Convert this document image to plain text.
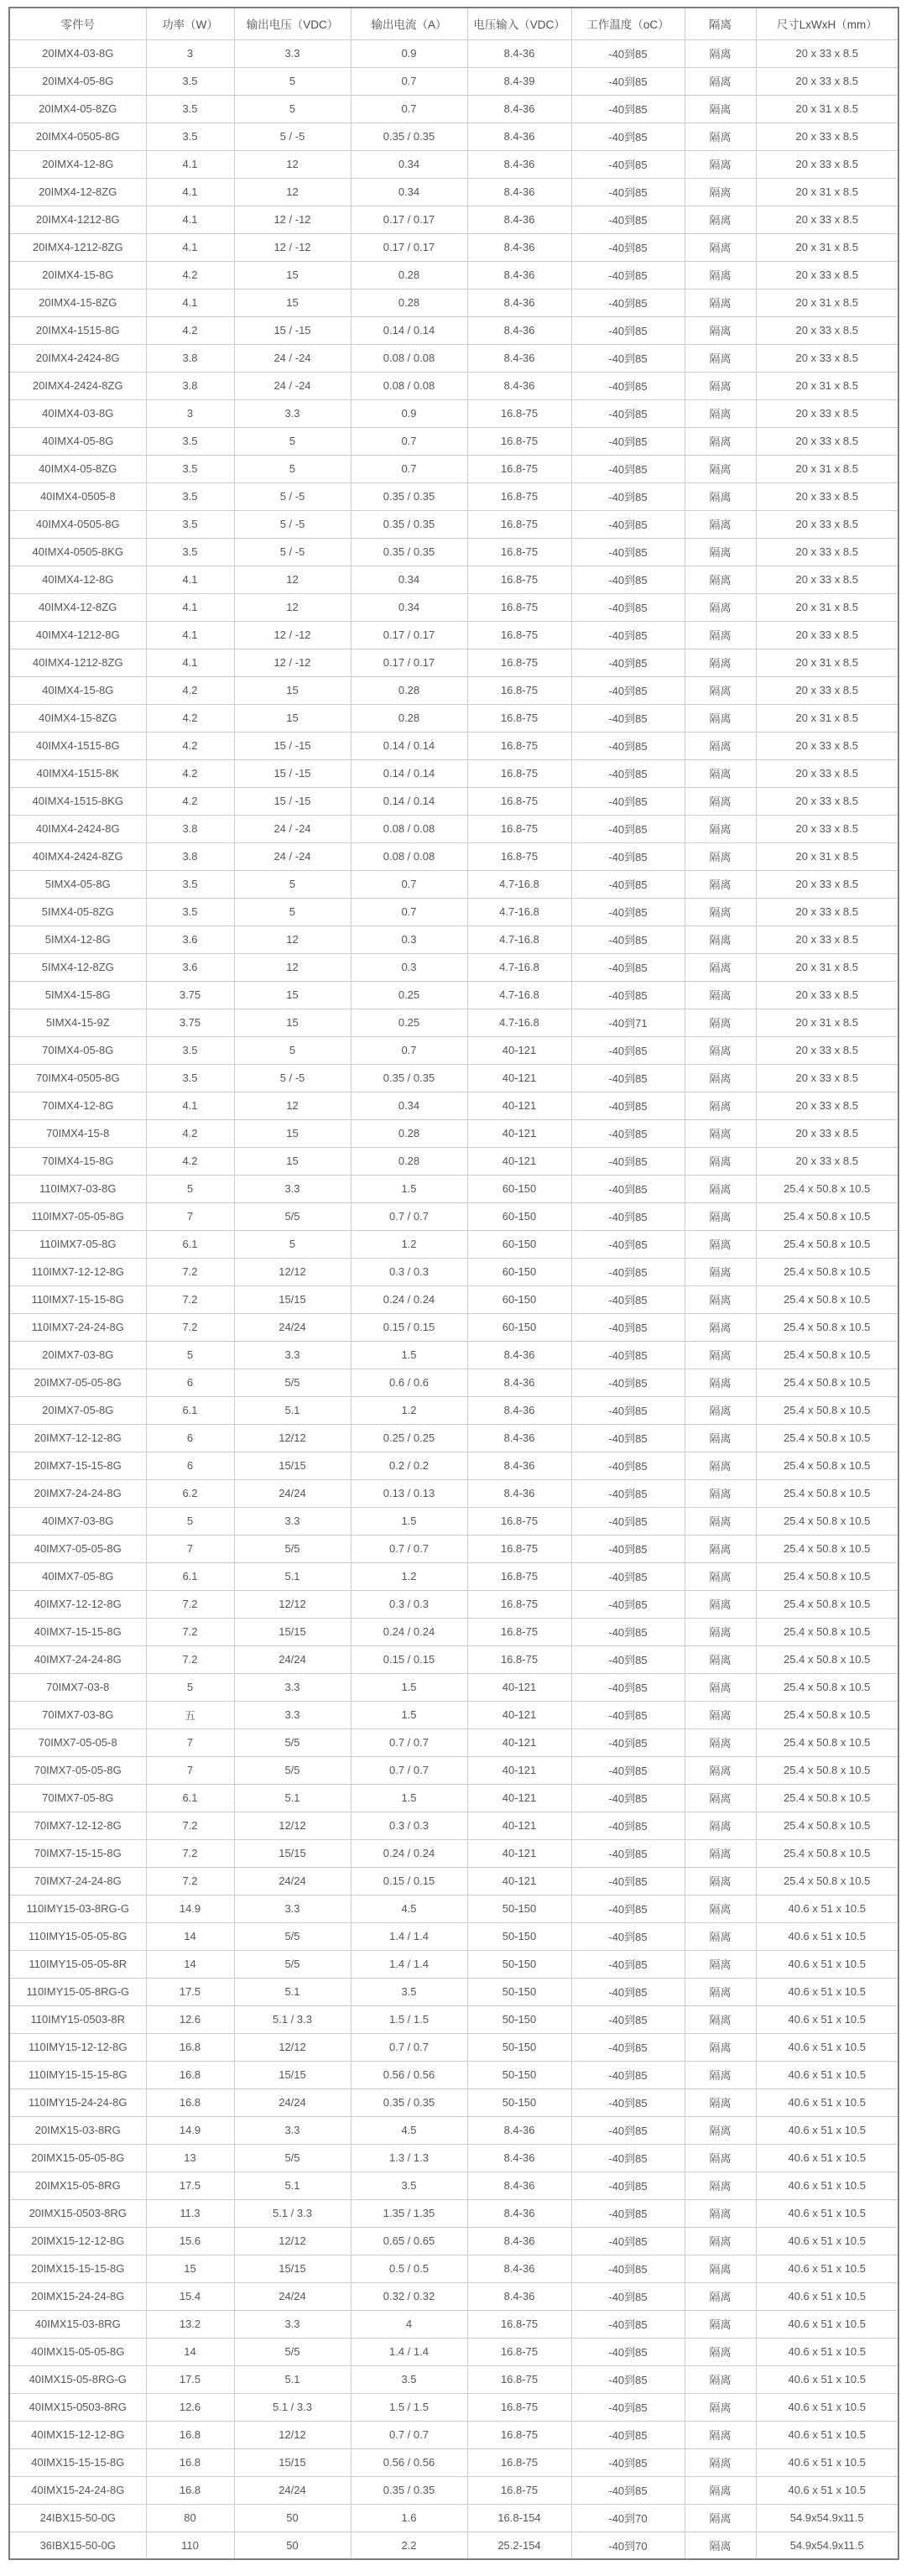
零件号	功率（W）	输出电压（VDC）	输出电流（A）	电压输入（VDC）	工作温度（oC）	隔离	尺寸LxWxH（mm）
20IMX4-03-8G	3	3.3	0.9	8.4-36	-40到85	隔离	20 x 33 x 8.5
20IMX4-05-8G	3.5	5	0.7	8.4-39	-40到85	隔离	20 x 33 x 8.5
20IMX4-05-8ZG	3.5	5	0.7	8.4-36	-40到85	隔离	20 x 31 x 8.5
20IMX4-0505-8G	3.5	5 / -5	0.35 / 0.35	8.4-36	-40到85	隔离	20 x 33 x 8.5
20IMX4-12-8G	4.1	12	0.34	8.4-36	-40到85	隔离	20 x 33 x 8.5
20IMX4-12-8ZG	4.1	12	0.34	8.4-36	-40到85	隔离	20 x 31 x 8.5
20IMX4-1212-8G	4.1	12 / -12	0.17 / 0.17	8.4-36	-40到85	隔离	20 x 33 x 8.5
20IMX4-1212-8ZG	4.1	12 / -12	0.17 / 0.17	8.4-36	-40到85	隔离	20 x 31 x 8.5
20IMX4-15-8G	4.2	15	0.28	8.4-36	-40到85	隔离	20 x 33 x 8.5
20IMX4-15-8ZG	4.1	15	0.28	8.4-36	-40到85	隔离	20 x 31 x 8.5
20IMX4-1515-8G	4.2	15 / -15	0.14 / 0.14	8.4-36	-40到85	隔离	20 x 33 x 8.5
20IMX4-2424-8G	3.8	24 / -24	0.08 / 0.08	8.4-36	-40到85	隔离	20 x 33 x 8.5
20IMX4-2424-8ZG	3.8	24 / -24	0.08 / 0.08	8.4-36	-40到85	隔离	20 x 31 x 8.5
40IMX4-03-8G	3	3.3	0.9	16.8-75	-40到85	隔离	20 x 33 x 8.5
40IMX4-05-8G	3.5	5	0.7	16.8-75	-40到85	隔离	20 x 33 x 8.5
40IMX4-05-8ZG	3.5	5	0.7	16.8-75	-40到85	隔离	20 x 31 x 8.5
40IMX4-0505-8	3.5	5 / -5	0.35 / 0.35	16.8-75	-40到85	隔离	20 x 33 x 8.5
40IMX4-0505-8G	3.5	5 / -5	0.35 / 0.35	16.8-75	-40到85	隔离	20 x 33 x 8.5
40IMX4-0505-8KG	3.5	5 / -5	0.35 / 0.35	16.8-75	-40到85	隔离	20 x 33 x 8.5
40IMX4-12-8G	4.1	12	0.34	16.8-75	-40到85	隔离	20 x 33 x 8.5
40IMX4-12-8ZG	4.1	12	0.34	16.8-75	-40到85	隔离	20 x 31 x 8.5
40IMX4-1212-8G	4.1	12 / -12	0.17 / 0.17	16.8-75	-40到85	隔离	20 x 33 x 8.5
40IMX4-1212-8ZG	4.1	12 / -12	0.17 / 0.17	16.8-75	-40到85	隔离	20 x 31 x 8.5
40IMX4-15-8G	4.2	15	0.28	16.8-75	-40到85	隔离	20 x 33 x 8.5
40IMX4-15-8ZG	4.2	15	0.28	16.8-75	-40到85	隔离	20 x 31 x 8.5
40IMX4-1515-8G	4.2	15 / -15	0.14 / 0.14	16.8-75	-40到85	隔离	20 x 33 x 8.5
40IMX4-1515-8K	4.2	15 / -15	0.14 / 0.14	16.8-75	-40到85	隔离	20 x 33 x 8.5
40IMX4-1515-8KG	4.2	15 / -15	0.14 / 0.14	16.8-75	-40到85	隔离	20 x 33 x 8.5
40IMX4-2424-8G	3.8	24 / -24	0.08 / 0.08	16.8-75	-40到85	隔离	20 x 33 x 8.5
40IMX4-2424-8ZG	3.8	24 / -24	0.08 / 0.08	16.8-75	-40到85	隔离	20 x 31 x 8.5
5IMX4-05-8G	3.5	5	0.7	4.7-16.8	-40到85	隔离	20 x 33 x 8.5
5IMX4-05-8ZG	3.5	5	0.7	4.7-16.8	-40到85	隔离	20 x 33 x 8.5
5IMX4-12-8G	3.6	12	0.3	4.7-16.8	-40到85	隔离	20 x 33 x 8.5
5IMX4-12-8ZG	3.6	12	0.3	4.7-16.8	-40到85	隔离	20 x 31 x 8.5
5IMX4-15-8G	3.75	15	0.25	4.7-16.8	-40到85	隔离	20 x 33 x 8.5
5IMX4-15-9Z	3.75	15	0.25	4.7-16.8	-40到71	隔离	20 x 31 x 8.5
70IMX4-05-8G	3.5	5	0.7	40-121	-40到85	隔离	20 x 33 x 8.5
70IMX4-0505-8G	3.5	5 / -5	0.35 / 0.35	40-121	-40到85	隔离	20 x 33 x 8.5
70IMX4-12-8G	4.1	12	0.34	40-121	-40到85	隔离	20 x 33 x 8.5
70IMX4-15-8	4.2	15	0.28	40-121	-40到85	隔离	20 x 33 x 8.5
70IMX4-15-8G	4.2	15	0.28	40-121	-40到85	隔离	20 x 33 x 8.5
110IMX7-03-8G	5	3.3	1.5	60-150	-40到85	隔离	25.4 x 50.8 x 10.5
110IMX7-05-05-8G	7	5/5	0.7 / 0.7	60-150	-40到85	隔离	25.4 x 50.8 x 10.5
110IMX7-05-8G	6.1	5	1.2	60-150	-40到85	隔离	25.4 x 50.8 x 10.5
110IMX7-12-12-8G	7.2	12/12	0.3 / 0.3	60-150	-40到85	隔离	25.4 x 50.8 x 10.5
110IMX7-15-15-8G	7.2	15/15	0.24 / 0.24	60-150	-40到85	隔离	25.4 x 50.8 x 10.5
110IMX7-24-24-8G	7.2	24/24	0.15 / 0.15	60-150	-40到85	隔离	25.4 x 50.8 x 10.5
20IMX7-03-8G	5	3.3	1.5	8.4-36	-40到85	隔离	25.4 x 50.8 x 10.5
20IMX7-05-05-8G	6	5/5	0.6 / 0.6	8.4-36	-40到85	隔离	25.4 x 50.8 x 10.5
20IMX7-05-8G	6.1	5.1	1.2	8.4-36	-40到85	隔离	25.4 x 50.8 x 10.5
20IMX7-12-12-8G	6	12/12	0.25 / 0.25	8.4-36	-40到85	隔离	25.4 x 50.8 x 10.5
20IMX7-15-15-8G	6	15/15	0.2 / 0.2	8.4-36	-40到85	隔离	25.4 x 50.8 x 10.5
20IMX7-24-24-8G	6.2	24/24	0.13 / 0.13	8.4-36	-40到85	隔离	25.4 x 50.8 x 10.5
40IMX7-03-8G	5	3.3	1.5	16.8-75	-40到85	隔离	25.4 x 50.8 x 10.5
40IMX7-05-05-8G	7	5/5	0.7 / 0.7	16.8-75	-40到85	隔离	25.4 x 50.8 x 10.5
40IMX7-05-8G	6.1	5.1	1.2	16.8-75	-40到85	隔离	25.4 x 50.8 x 10.5
40IMX7-12-12-8G	7.2	12/12	0.3 / 0.3	16.8-75	-40到85	隔离	25.4 x 50.8 x 10.5
40IMX7-15-15-8G	7.2	15/15	0.24 / 0.24	16.8-75	-40到85	隔离	25.4 x 50.8 x 10.5
40IMX7-24-24-8G	7.2	24/24	0.15 / 0.15	16.8-75	-40到85	隔离	25.4 x 50.8 x 10.5
70IMX7-03-8	5	3.3	1.5	40-121	-40到85	隔离	25.4 x 50.8 x 10.5
70IMX7-03-8G	五	3.3	1.5	40-121	-40到85	隔离	25.4 x 50.8 x 10.5
70IMX7-05-05-8	7	5/5	0.7 / 0.7	40-121	-40到85	隔离	25.4 x 50.8 x 10.5
70IMX7-05-05-8G	7	5/5	0.7 / 0.7	40-121	-40到85	隔离	25.4 x 50.8 x 10.5
70IMX7-05-8G	6.1	5.1	1.5	40-121	-40到85	隔离	25.4 x 50.8 x 10.5
70IMX7-12-12-8G	7.2	12/12	0.3 / 0.3	40-121	-40到85	隔离	25.4 x 50.8 x 10.5
70IMX7-15-15-8G	7.2	15/15	0.24 / 0.24	40-121	-40到85	隔离	25.4 x 50.8 x 10.5
70IMX7-24-24-8G	7.2	24/24	0.15 / 0.15	40-121	-40到85	隔离	25.4 x 50.8 x 10.5
110IMY15-03-8RG-G	14.9	3.3	4.5	50-150	-40到85	隔离	40.6 x 51 x 10.5
110IMY15-05-05-8G	14	5/5	1.4 / 1.4	50-150	-40到85	隔离	40.6 x 51 x 10.5
110IMY15-05-05-8R	14	5/5	1.4 / 1.4	50-150	-40到85	隔离	40.6 x 51 x 10.5
110IMY15-05-8RG-G	17.5	5.1	3.5	50-150	-40到85	隔离	40.6 x 51 x 10.5
110IMY15-0503-8R	12.6	5.1 / 3.3	1.5 / 1.5	50-150	-40到85	隔离	40.6 x 51 x 10.5
110IMY15-12-12-8G	16.8	12/12	0.7 / 0.7	50-150	-40到85	隔离	40.6 x 51 x 10.5
110IMY15-15-15-8G	16.8	15/15	0.56 / 0.56	50-150	-40到85	隔离	40.6 x 51 x 10.5
110IMY15-24-24-8G	16.8	24/24	0.35 / 0.35	50-150	-40到85	隔离	40.6 x 51 x 10.5
20IMX15-03-8RG	14.9	3.3	4.5	8.4-36	-40到85	隔离	40.6 x 51 x 10.5
20IMX15-05-05-8G	13	5/5	1.3 / 1.3	8.4-36	-40到85	隔离	40.6 x 51 x 10.5
20IMX15-05-8RG	17.5	5.1	3.5	8.4-36	-40到85	隔离	40.6 x 51 x 10.5
20IMX15-0503-8RG	11.3	5.1 / 3.3	1.35 / 1.35	8.4-36	-40到85	隔离	40.6 x 51 x 10.5
20IMX15-12-12-8G	15.6	12/12	0.65 / 0.65	8.4-36	-40到85	隔离	40.6 x 51 x 10.5
20IMX15-15-15-8G	15	15/15	0.5 / 0.5	8.4-36	-40到85	隔离	40.6 x 51 x 10.5
20IMX15-24-24-8G	15.4	24/24	0.32 / 0.32	8.4-36	-40到85	隔离	40.6 x 51 x 10.5
40IMX15-03-8RG	13.2	3.3	4	16.8-75	-40到85	隔离	40.6 x 51 x 10.5
40IMX15-05-05-8G	14	5/5	1.4 / 1.4	16.8-75	-40到85	隔离	40.6 x 51 x 10.5
40IMX15-05-8RG-G	17.5	5.1	3.5	16.8-75	-40到85	隔离	40.6 x 51 x 10.5
40IMX15-0503-8RG	12.6	5.1 / 3.3	1.5 / 1.5	16.8-75	-40到85	隔离	40.6 x 51 x 10.5
40IMX15-12-12-8G	16.8	12/12	0.7 / 0.7	16.8-75	-40到85	隔离	40.6 x 51 x 10.5
40IMX15-15-15-8G	16.8	15/15	0.56 / 0.56	16.8-75	-40到85	隔离	40.6 x 51 x 10.5
40IMX15-24-24-8G	16.8	24/24	0.35 / 0.35	16.8-75	-40到85	隔离	40.6 x 51 x 10.5
24IBX15-50-0G	80	50	1.6	16.8-154	-40到70	隔离	54.9x54.9x11.5
36IBX15-50-0G	110	50	2.2	25.2-154	-40到70	隔离	54.9x54.9x11.5
